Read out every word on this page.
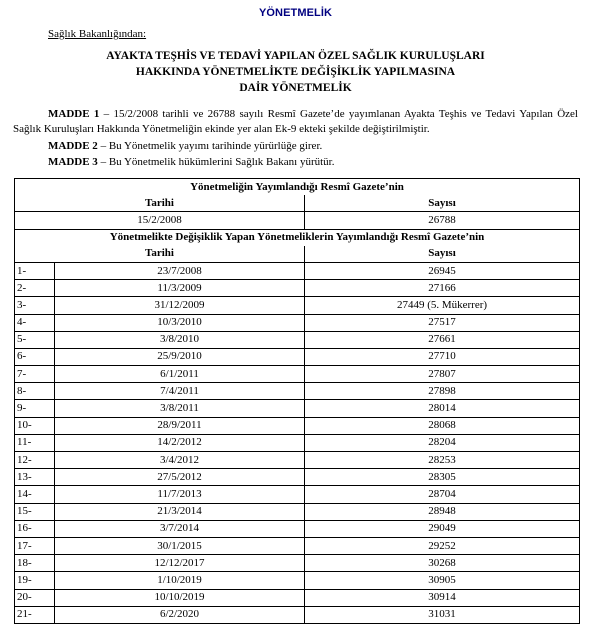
YÖNETMELİK
Sağlık Bakanlığından:
AYAKTA TEŞHİS VE TEDAVİ YAPILAN ÖZEL SAĞLIK KURULUŞLARI
HAKKINDA YÖNETMELİKTE DEĞİŞİKLİK YAPILMASINA
DAİR YÖNETMELİK
MADDE 1 – 15/2/2008 tarihli ve 26788 sayılı Resmî Gazete’de yayımlanan Ayakta Teşhis ve Tedavi Yapılan Özel Sağlık Kuruluşları Hakkında Yönetmeliğin ekinde yer alan Ek-9 ekteki şekilde değiştirilmiştir.
MADDE 2 – Bu Yönetmelik yayımı tarihinde yürürlüğe girer.
MADDE 3 – Bu Yönetmelik hükümlerini Sağlık Bakanı yürütür.
Yönetmeliğin Yayımlandığı Resmî Gazete’nin		
Tarihi		Sayısı
15/2/2008		26788
Yönetmelikte Değişiklik Yapan Yönetmeliklerin Yayımlandığı Resmî Gazete’nin		
Tarihi		Sayısı
1-	23/7/2008	26945
2-	11/3/2009	27166
3-	31/12/2009	27449 (5. Mükerrer)
4-	10/3/2010	27517
5-	3/8/2010	27661
6-	25/9/2010	27710
7-	6/1/2011	27807
8-	7/4/2011	27898
9-	3/8/2011	28014
10-	28/9/2011	28068
11-	14/2/2012	28204
12-	3/4/2012	28253
13-	27/5/2012	28305
14-	11/7/2013	28704
15-	21/3/2014	28948
16-	3/7/2014	29049
17-	30/1/2015	29252
18-	12/12/2017	30268
19-	1/10/2019	30905
20-	10/10/2019	30914
21-	6/2/2020	31031
